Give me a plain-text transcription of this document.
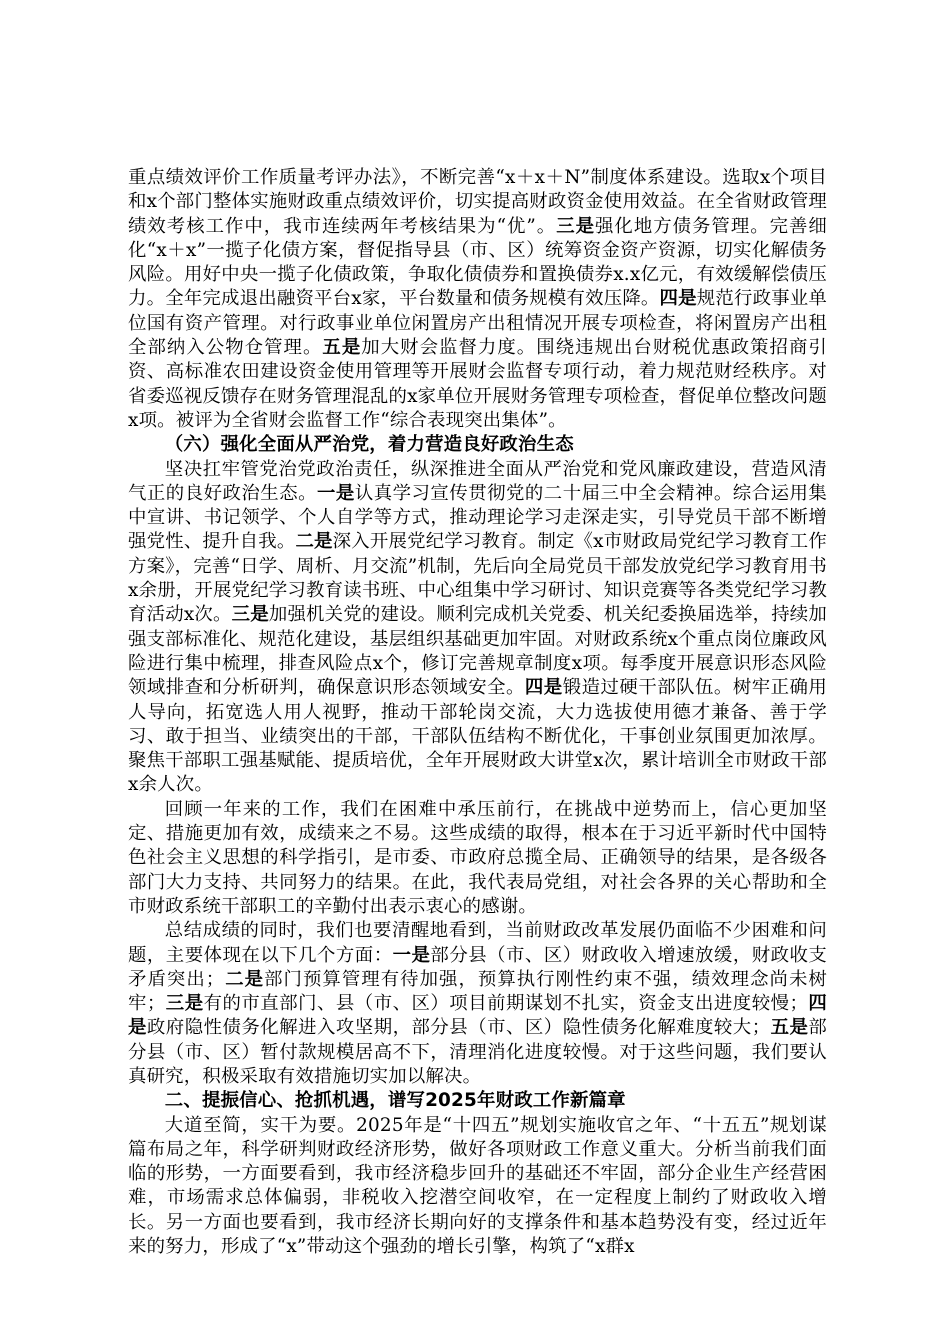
重点绩效评价工作质量考评办法》，不断完善“x＋x＋N”制度体系建设。选取x个项目和x个部门整体实施财政重点绩效评价，切实提高财政资金使用效益。在全省财政管理绩效考核工作中，我市连续两年考核结果为“优”。三是强化地方债务管理。完善细化“x＋x”一揽子化债方案，督促指导县（市、区）统筹资金资产资源，切实化解债务风险。用好中央一揽子化债政策，争取化债债券和置换债券x.x亿元，有效缓解偿债压力。全年完成退出融资平台x家，平台数量和债务规模有效压降。四是规范行政事业单位国有资产管理。对行政事业单位闲置房产出租情况开展专项检查，将闲置房产出租全部纳入公物仓管理。五是加大财会监督力度。围绕违规出台财税优惠政策招商引资、高标准农田建设资金使用管理等开展财会监督专项行动，着力规范财经秩序。对省委巡视反馈存在财务管理混乱的x家单位开展财务管理专项检查，督促单位整改问题x项。被评为全省财会监督工作“综合表现突出集体”。

（六）强化全面从严治党，着力营造良好政治生态

坚决扛牢管党治党政治责任，纵深推进全面从严治党和党风廉政建设，营造风清气正的良好政治生态。一是认真学习宣传贯彻党的二十届三中全会精神。综合运用集中宣讲、书记领学、个人自学等方式，推动理论学习走深走实，引导党员干部不断增强党性、提升自我。二是深入开展党纪学习教育。制定《x市财政局党纪学习教育工作方案》，完善“日学、周析、月交流”机制，先后向全局党员干部发放党纪学习教育用书x余册，开展党纪学习教育读书班、中心组集中学习研讨、知识竞赛等各类党纪学习教育活动x次。三是加强机关党的建设。顺利完成机关党委、机关纪委换届选举，持续加强支部标准化、规范化建设，基层组织基础更加牢固。对财政系统x个重点岗位廉政风险进行集中梳理，排查风险点x个，修订完善规章制度x项。每季度开展意识形态风险领域排查和分析研判，确保意识形态领域安全。四是锻造过硬干部队伍。树牢正确用人导向，拓宽选人用人视野，推动干部轮岗交流，大力选拔使用德才兼备、善于学习、敢于担当、业绩突出的干部，干部队伍结构不断优化，干事创业氛围更加浓厚。聚焦干部职工强基赋能、提质培优，全年开展财政大讲堂x次，累计培训全市财政干部x余人次。

回顾一年来的工作，我们在困难中承压前行，在挑战中逆势而上，信心更加坚定、措施更加有效，成绩来之不易。这些成绩的取得，根本在于习近平新时代中国特色社会主义思想的科学指引，是市委、市政府总揽全局、正确领导的结果，是各级各部门大力支持、共同努力的结果。在此，我代表局党组，对社会各界的关心帮助和全市财政系统干部职工的辛勤付出表示衷心的感谢。

总结成绩的同时，我们也要清醒地看到，当前财政改革发展仍面临不少困难和问题，主要体现在以下几个方面：一是部分县（市、区）财政收入增速放缓，财政收支矛盾突出；二是部门预算管理有待加强，预算执行刚性约束不强，绩效理念尚未树牢；三是有的市直部门、县（市、区）项目前期谋划不扎实，资金支出进度较慢；四是政府隐性债务化解进入攻坚期，部分县（市、区）隐性债务化解难度较大；五是部分县（市、区）暂付款规模居高不下，清理消化进度较慢。对于这些问题，我们要认真研究，积极采取有效措施切实加以解决。

二、提振信心、抢抓机遇，谱写2025年财政工作新篇章

大道至简，实干为要。2025年是“十四五”规划实施收官之年、“十五五”规划谋篇布局之年，科学研判财政经济形势，做好各项财政工作意义重大。分析当前我们面临的形势，一方面要看到，我市经济稳步回升的基础还不牢固，部分企业生产经营困难，市场需求总体偏弱，非税收入挖潜空间收窄，在一定程度上制约了财政收入增长。另一方面也要看到，我市经济长期向好的支撑条件和基本趋势没有变，经过近年来的努力，形成了“x”带动这个强劲的增长引擎，构筑了“x群x
